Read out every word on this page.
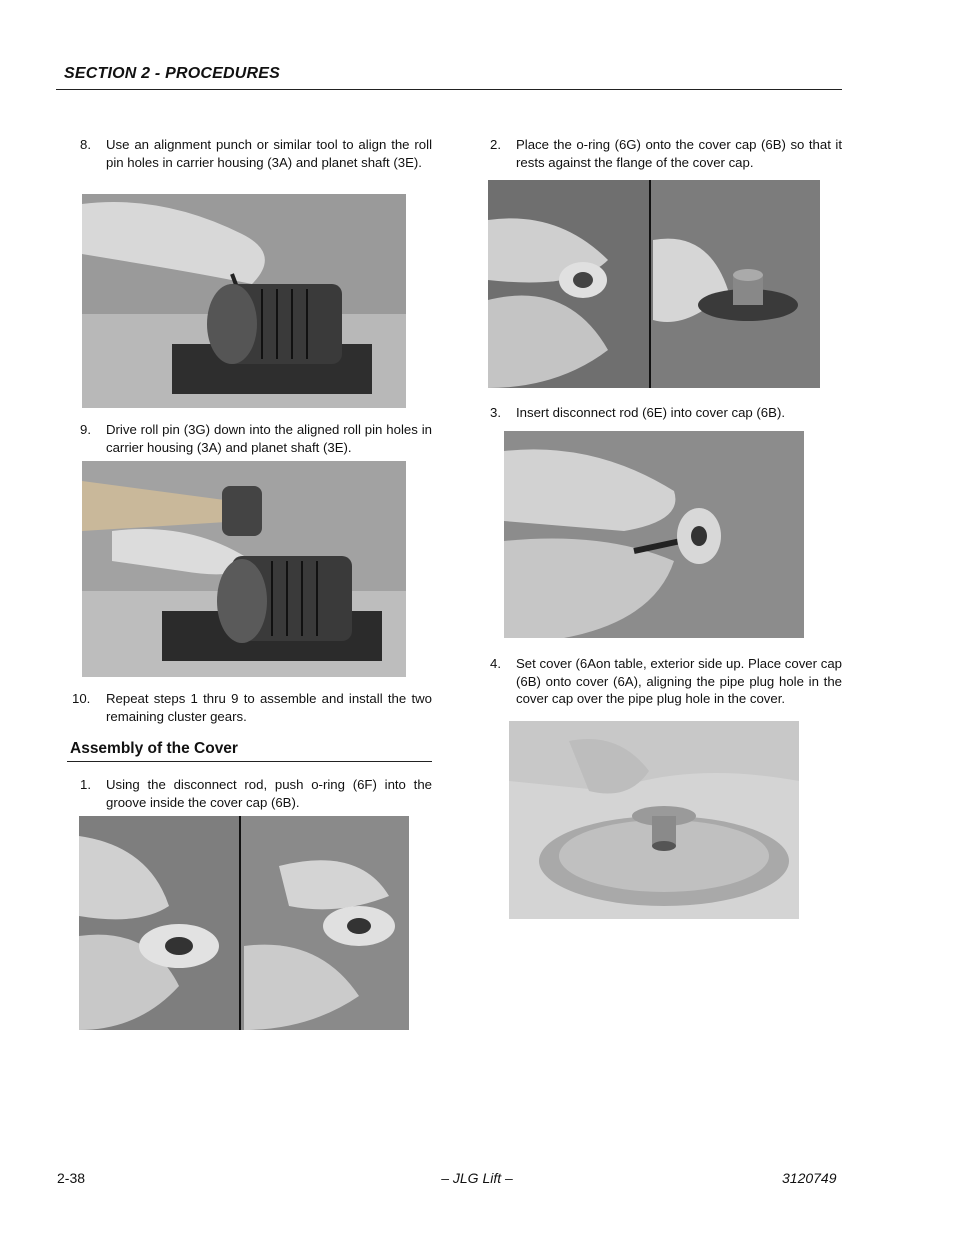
SECTION 2 - PROCEDURES
8. Use an alignment punch or similar tool to align the roll pin holes in carrier housing (3A) and planet shaft (3E).
9. Drive roll pin (3G) down into the aligned roll pin holes in carrier housing (3A) and planet shaft (3E).
10. Repeat steps 1 thru 9 to assemble and install the two remaining cluster gears.
Assembly of the Cover
1. Using the disconnect rod, push o-ring (6F) into the groove inside the cover cap (6B).
2. Place the o-ring (6G) onto the cover cap (6B) so that it rests against the flange of the cover cap.
3. Insert disconnect rod (6E) into cover cap (6B).
4. Set cover (6Aon table, exterior side up. Place cover cap (6B) onto cover (6A), aligning the pipe plug hole in the cover cap over the pipe plug hole in the cover.
2-38	– JLG Lift –	3120749
